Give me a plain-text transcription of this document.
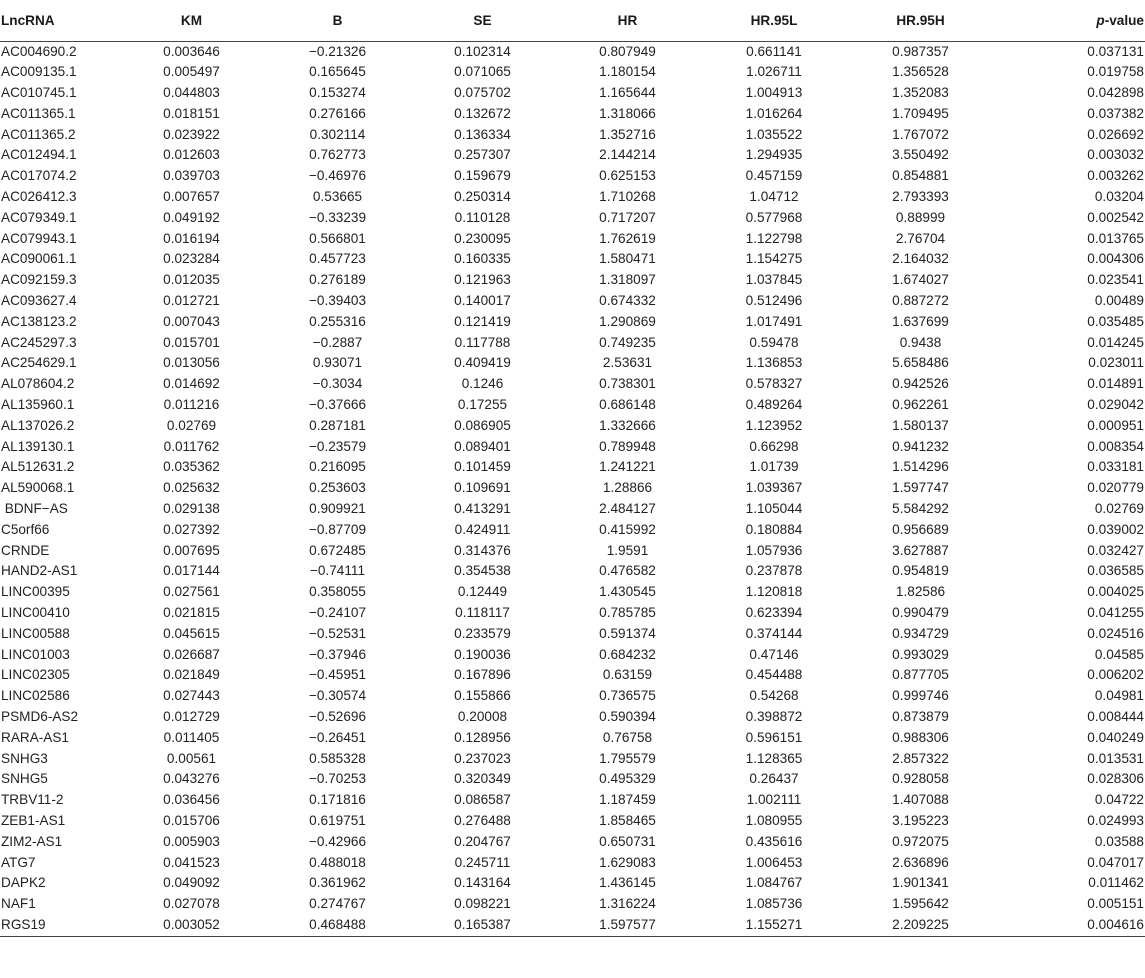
LncRNA	KM	B	SE	HR	HR.95L	HR.95H	p-value
AC004690.2	0.003646	−0.21326	0.102314	0.807949	0.661141	0.987357	0.037131
AC009135.1	0.005497	0.165645	0.071065	1.180154	1.026711	1.356528	0.019758
AC010745.1	0.044803	0.153274	0.075702	1.165644	1.004913	1.352083	0.042898
AC011365.1	0.018151	0.276166	0.132672	1.318066	1.016264	1.709495	0.037382
AC011365.2	0.023922	0.302114	0.136334	1.352716	1.035522	1.767072	0.026692
AC012494.1	0.012603	0.762773	0.257307	2.144214	1.294935	3.550492	0.003032
AC017074.2	0.039703	−0.46976	0.159679	0.625153	0.457159	0.854881	0.003262
AC026412.3	0.007657	0.53665	0.250314	1.710268	1.04712	2.793393	0.03204
AC079349.1	0.049192	−0.33239	0.110128	0.717207	0.577968	0.88999	0.002542
AC079943.1	0.016194	0.566801	0.230095	1.762619	1.122798	2.76704	0.013765
AC090061.1	0.023284	0.457723	0.160335	1.580471	1.154275	2.164032	0.004306
AC092159.3	0.012035	0.276189	0.121963	1.318097	1.037845	1.674027	0.023541
AC093627.4	0.012721	−0.39403	0.140017	0.674332	0.512496	0.887272	0.00489
AC138123.2	0.007043	0.255316	0.121419	1.290869	1.017491	1.637699	0.035485
AC245297.3	0.015701	−0.2887	0.117788	0.749235	0.59478	0.9438	0.014245
AC254629.1	0.013056	0.93071	0.409419	2.53631	1.136853	5.658486	0.023011
AL078604.2	0.014692	−0.3034	0.1246	0.738301	0.578327	0.942526	0.014891
AL135960.1	0.011216	−0.37666	0.17255	0.686148	0.489264	0.962261	0.029042
AL137026.2	0.02769	0.287181	0.086905	1.332666	1.123952	1.580137	0.000951
AL139130.1	0.011762	−0.23579	0.089401	0.789948	0.66298	0.941232	0.008354
AL512631.2	0.035362	0.216095	0.101459	1.241221	1.01739	1.514296	0.033181
AL590068.1	0.025632	0.253603	0.109691	1.28866	1.039367	1.597747	0.020779
BDNF−AS	0.029138	0.909921	0.413291	2.484127	1.105044	5.584292	0.02769
C5orf66	0.027392	−0.87709	0.424911	0.415992	0.180884	0.956689	0.039002
CRNDE	0.007695	0.672485	0.314376	1.9591	1.057936	3.627887	0.032427
HAND2-AS1	0.017144	−0.74111	0.354538	0.476582	0.237878	0.954819	0.036585
LINC00395	0.027561	0.358055	0.12449	1.430545	1.120818	1.82586	0.004025
LINC00410	0.021815	−0.24107	0.118117	0.785785	0.623394	0.990479	0.041255
LINC00588	0.045615	−0.52531	0.233579	0.591374	0.374144	0.934729	0.024516
LINC01003	0.026687	−0.37946	0.190036	0.684232	0.47146	0.993029	0.04585
LINC02305	0.021849	−0.45951	0.167896	0.63159	0.454488	0.877705	0.006202
LINC02586	0.027443	−0.30574	0.155866	0.736575	0.54268	0.999746	0.04981
PSMD6-AS2	0.012729	−0.52696	0.20008	0.590394	0.398872	0.873879	0.008444
RARA-AS1	0.011405	−0.26451	0.128956	0.76758	0.596151	0.988306	0.040249
SNHG3	0.00561	0.585328	0.237023	1.795579	1.128365	2.857322	0.013531
SNHG5	0.043276	−0.70253	0.320349	0.495329	0.26437	0.928058	0.028306
TRBV11-2	0.036456	0.171816	0.086587	1.187459	1.002111	1.407088	0.04722
ZEB1-AS1	0.015706	0.619751	0.276488	1.858465	1.080955	3.195223	0.024993
ZIM2-AS1	0.005903	−0.42966	0.204767	0.650731	0.435616	0.972075	0.03588
ATG7	0.041523	0.488018	0.245711	1.629083	1.006453	2.636896	0.047017
DAPK2	0.049092	0.361962	0.143164	1.436145	1.084767	1.901341	0.011462
NAF1	0.027078	0.274767	0.098221	1.316224	1.085736	1.595642	0.005151
RGS19	0.003052	0.468488	0.165387	1.597577	1.155271	2.209225	0.004616
